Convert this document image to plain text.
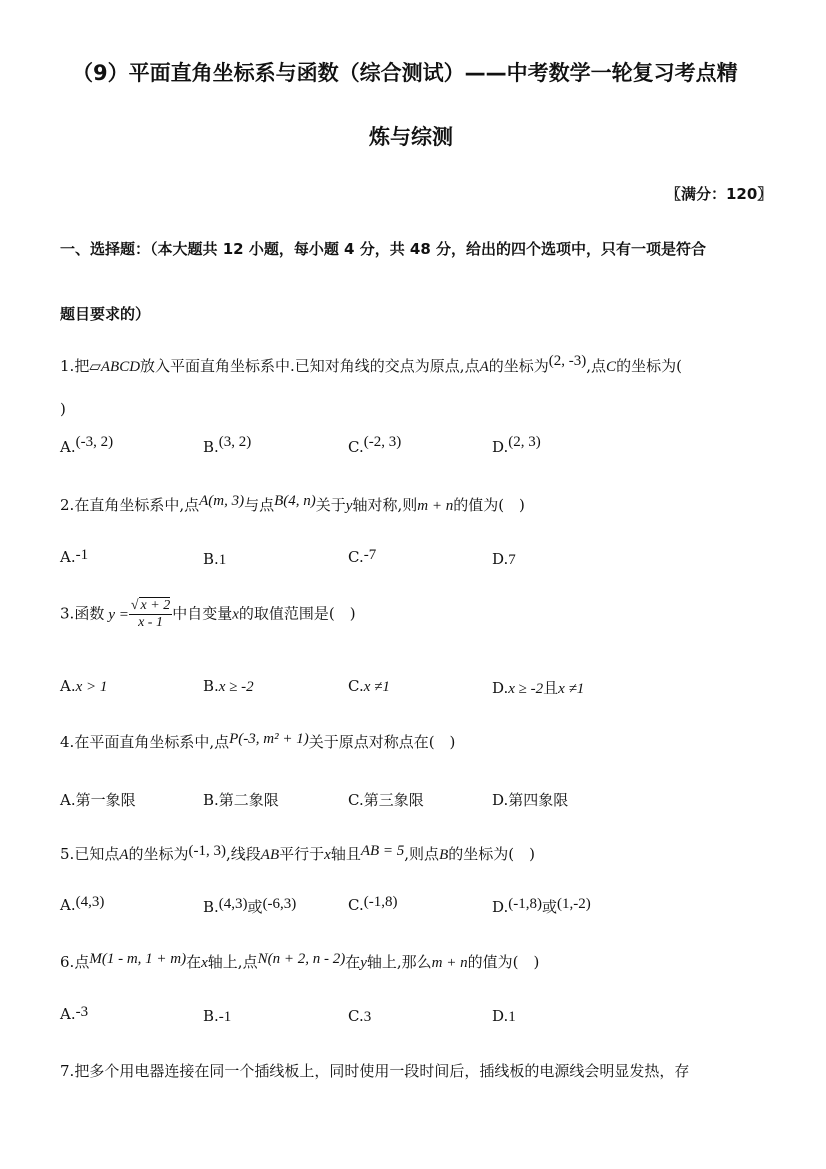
（9）平面直角坐标系与函数（综合测试）——中考数学一轮复习考点精
炼与综测
〖满分：120〗
一、选择题：（本大题共 12 小题，每小题 4 分，共 48 分，给出的四个选项中，只有一项是符合
题目要求的）
1.把▱ABCD放入平面直角坐标系中.已知对角线的交点为原点,点A的坐标为(2, -3),点C的坐标为(
)
A.(-3, 2)	B.(3, 2)	C.(-2, 3)	D.(2, 3)
2.在直角坐标系中,点A(m, 3)与点B(4, n)关于y轴对称,则m + n的值为(　)
A.-1	B.1	C.-7	D.7
3.函数 $y = \frac{√ x + 2}{x - 1}$ 中自变量x的取值范围是(　)
A.x > 1	B.x ≥ -2	C.x ≠1	D.x ≥ -2且x ≠1
4.在平面直角坐标系中,点P(-3, m² + 1)关于原点对称点在(　)
A.第一象限	B.第二象限	C.第三象限	D.第四象限
5.已知点A的坐标为(-1, 3),线段AB平行于x轴且AB = 5,则点B的坐标为(　)
A.(4,3)	B.(4,3)或(-6,3)	C.(-1,8)	D.(-1,8)或(1,-2)
6.点M(1 - m, 1 + m)在x轴上,点N(n + 2, n - 2)在y轴上,那么m + n的值为(　)
A.-3	B.-1	C.3	D.1
7.把多个用电器连接在同一个插线板上，同时使用一段时间后，插线板的电源线会明显发热，存
